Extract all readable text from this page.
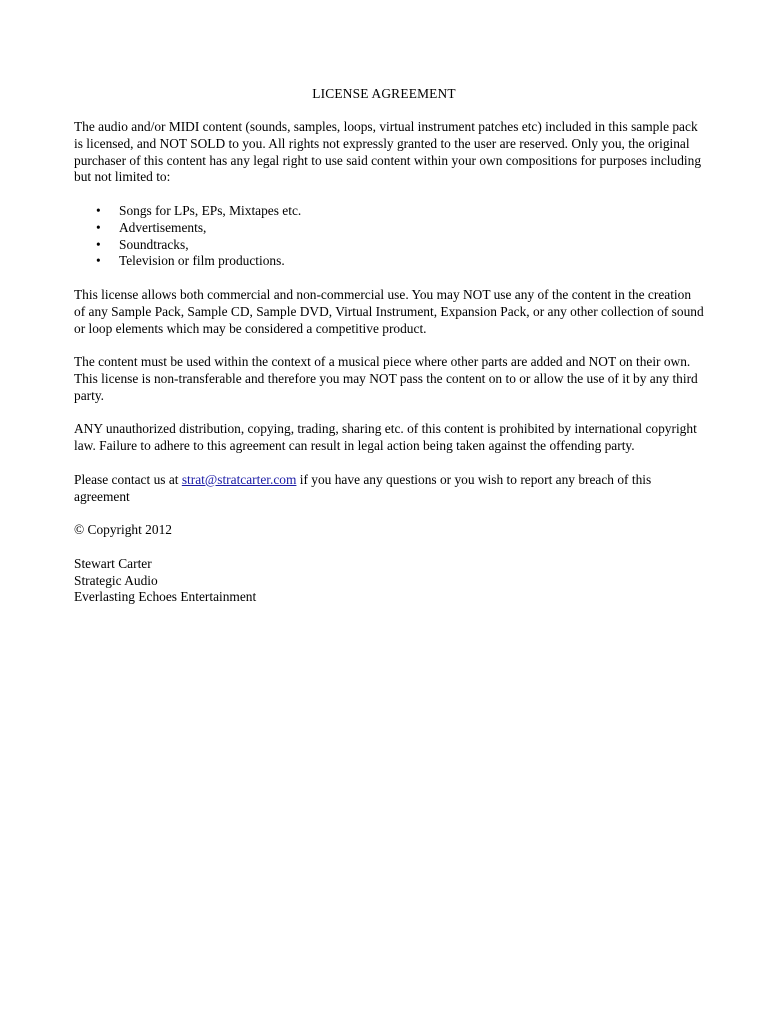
LICENSE AGREEMENT

The audio and/or MIDI content (sounds, samples, loops, virtual instrument patches etc) included in this sample pack is licensed, and NOT SOLD to you. All rights not expressly granted to the user are reserved. Only you, the original purchaser of this content has any legal right to use said content within your own compositions for purposes including but not limited to:

• Songs for LPs, EPs, Mixtapes etc.
• Advertisements,
• Soundtracks,
• Television or film productions.

This license allows both commercial and non-commercial use. You may NOT use any of the content in the creation of any Sample Pack, Sample CD, Sample DVD, Virtual Instrument, Expansion Pack, or any other collection of sound or loop elements which may be considered a competitive product.

The content must be used within the context of a musical piece where other parts are added and NOT on their own. This license is non-transferable and therefore you may NOT pass the content on to or allow the use of it by any third party.

ANY unauthorized distribution, copying, trading, sharing etc. of this content is prohibited by international copyright law. Failure to adhere to this agreement can result in legal action being taken against the offending party.

Please contact us at strat@stratcarter.com if you have any questions or you wish to report any breach of this agreement

© Copyright 2012

Stewart Carter
Strategic Audio
Everlasting Echoes Entertainment
